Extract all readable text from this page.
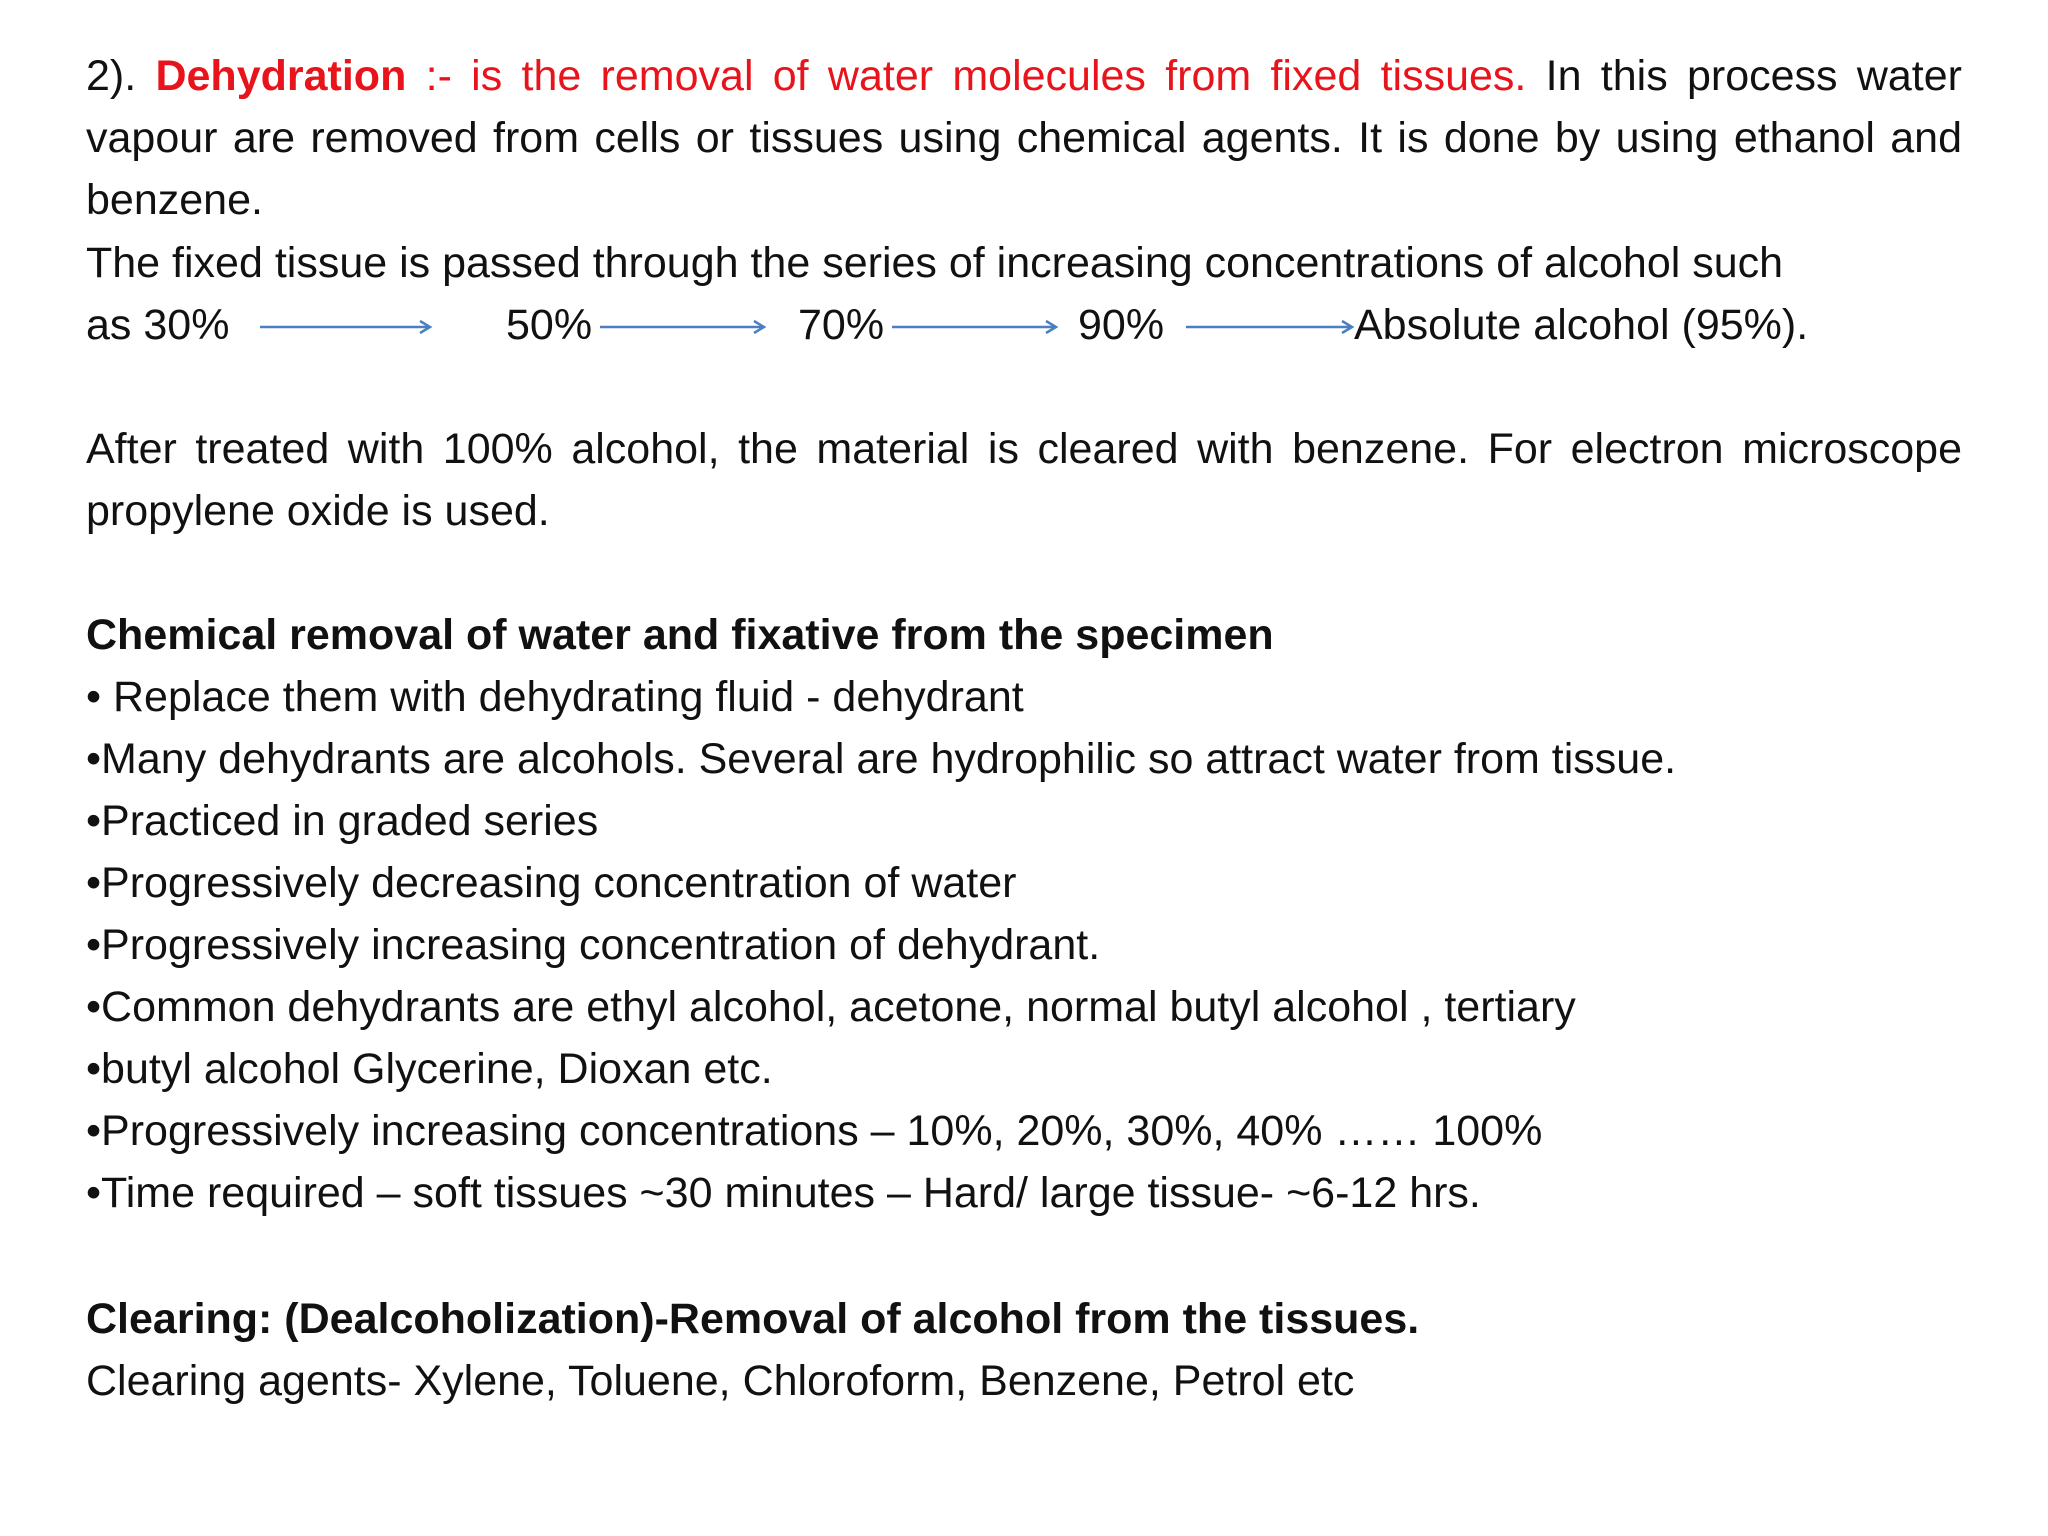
2). Dehydration :- is the removal of water molecules from fixed tissues. In this process water vapour are removed from cells or tissues using chemical agents. It is done by using ethanol and benzene.
The fixed tissue is passed through the series of increasing concentrations of alcohol such
as 30%	50%	70%	90%	Absolute alcohol (95%).
After treated with 100% alcohol, the material is cleared with benzene. For electron microscope propylene oxide is used.
Chemical removal of water and fixative from the specimen
• Replace them with dehydrating fluid - dehydrant
•Many dehydrants are alcohols. Several are hydrophilic so attract water from tissue.
•Practiced in graded series
•Progressively decreasing concentration of water
•Progressively increasing concentration of dehydrant.
•Common dehydrants are ethyl alcohol, acetone, normal butyl alcohol , tertiary
•butyl alcohol Glycerine, Dioxan etc.
•Progressively increasing concentrations – 10%, 20%, 30%, 40% …… 100%
•Time required – soft tissues ~30 minutes – Hard/ large tissue- ~6-12 hrs.
Clearing: (Dealcoholization)-Removal of alcohol from the tissues.
Clearing agents- Xylene, Toluene, Chloroform, Benzene, Petrol etc
